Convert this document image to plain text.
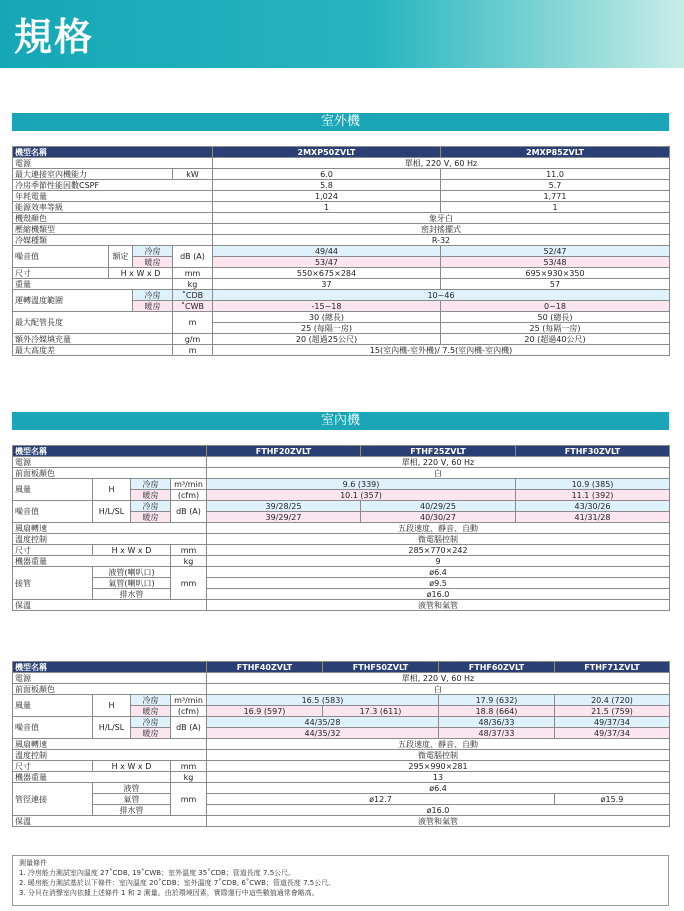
規格
室外機
機型名稱				2MXP50ZVLT	2MXP85ZVLT
電源				單相, 220 V, 60 Hz	
最大連接室內機能力			kW	6.0	11.0
冷房季節性能因數CSPF				5.8	5.7
年耗電量				1,024	1,771
能源效率等級				1	1
機殼顏色				象牙白	
壓縮機類型				密封搖擺式	
冷媒種類				R-32	
噪音值	額定	冷房	dB (A)	49/44	52/47
		暖房		53/47	53/48
尺寸	H x W x D		mm	550×675×284	695×930×350
重量			kg	37	57
運轉溫度範圍		冷房	˚CDB	10~46	
		暖房	˚CWB	-15~18	0~18
最大配管長度			m	30 (總長)	50 (總長)
				25 (每隔一房)	25 (每隔一房)
額外冷媒填充量			g/m	20 (超過25公尺)	20 (超過40公尺)
最大高度差			m	15(室內機-室外機)/ 7.5(室內機-室內機)	
室內機
機型名稱				FTHF20ZVLT	FTHF25ZVLT	FTHF30ZVLT
電源				單相, 220 V, 60 Hz		
前面板顏色				白		
風量	H	冷房	m³/min	9.6 (339)		10.9 (385)
		暖房	(cfm)	10.1 (357)		11.1 (392)
噪音值	H/L/SL	冷房	dB (A)	39/28/25	40/29/25	43/30/26
		暖房		39/29/27	40/30/27	41/31/28
風扇轉速				五段速度、靜音、自動		
溫度控制				微電腦控制		
尺寸	H x W x D		mm	285×770×242		
機器重量			kg	9		
接管	液管(喇叭口)		mm	ø6.4		
	氣管(喇叭口)			ø9.5		
	排水管			ø16.0		
保溫				液管和氣管		
機型名稱				FTHF40ZVLT	FTHF50ZVLT	FTHF60ZVLT	FTHF71ZVLT
電源				單相, 220 V, 60 Hz			
前面板顏色				白			
風量	H	冷房	m³/min	16.5 (583)		17.9 (632)	20.4 (720)
		暖房	(cfm)	16.9 (597)	17.3 (611)	18.8 (664)	21.5 (759)
噪音值	H/L/SL	冷房	dB (A)	44/35/28		48/36/33	49/37/34
		暖房		44/35/32		48/37/33	49/37/34
風扇轉速				五段速度、靜音、自動			
溫度控制				微電腦控制			
尺寸	H x W x D		mm	295×990×281			
機器重量			kg	13			
管徑連接	液管		mm	ø6.4			
	氣管			ø12.7			ø15.9
	排水管			ø16.0			
保溫				液管和氣管			
測量條件
1. 冷房能力測試室內溫度 27˚CDB, 19˚CWB；室外溫度 35˚CDB；管道長度 7.5公尺。
2. 暖房能力測試基於以下條件：室內溫度 20˚CDB；室外溫度 7˚CDB, 6˚CWB；管道長度 7.5公尺。
3. 分貝在消聲室內依據上述條件 1 和 2 測量。由於環境因素，實際運行中這些數值通常會略高。
